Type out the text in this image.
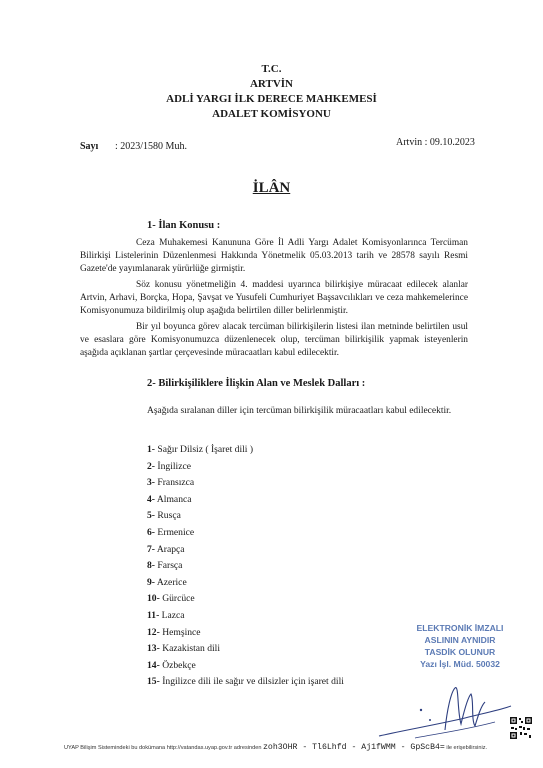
T.C.
ARTVİN
ADLİ YARGI İLK DERECE MAHKEMESİ
ADALET KOMİSYONU
Sayı : 2023/1580 Muh.	Artvin : 09.10.2023
İLÂN
1- İlan Konusu :
Ceza Muhakemesi Kanununa Göre İl Adli Yargı Adalet Komisyonlarınca Tercüman Bilirkişi Listelerinin Düzenlenmesi Hakkında Yönetmelik 05.03.2013 tarih ve 28578 sayılı Resmi Gazete'de yayımlanarak yürürlüğe girmiştir.
Söz konusu yönetmeliğin 4. maddesi uyarınca bilirkişiye müracaat edilecek alanlar Artvin, Arhavi, Borçka, Hopa, Şavşat ve Yusufeli Cumhuriyet Başsavcılıkları ve ceza mahkemelerince Komisyonumuza bildirilmiş olup aşağıda belirtilen diller belirlenmiştir.
Bir yıl boyunca görev alacak tercüman bilirkişilerin listesi ilan metninde belirtilen usul ve esaslara göre Komisyonumuzca düzenlenecek olup, tercüman bilirkişilik yapmak isteyenlerin aşağıda açıklanan şartlar çerçevesinde müracaatları kabul edilecektir.
2- Bilirkişiliklere İlişkin Alan ve Meslek Dalları :
Aşağıda sıralanan diller için tercüman bilirkişilik müracaatları kabul edilecektir.
1- Sağır Dilsiz ( İşaret dili )
2- İngilizce
3- Fransızca
4- Almanca
5- Rusça
6- Ermenice
7- Arapça
8- Farsça
9- Azerice
10- Gürcüce
11- Lazca
12- Hemşince
13- Kazakistan dili
14- Özbekçe
15- İngilizce dili ile sağır ve dilsizler için işaret dili
ELEKTRONİK İMZALI
ASLININ AYNIDIR
TASDİK OLUNUR
Yazı İşl. Müd. 50032
UYAP Bilişim Sistemindeki bu dokümana http://vatandas.uyap.gov.tr adresinden zoh3OHR - Tl6Lhfd - Aj1fWMM - GpScB4= ile erişebilirsiniz.
